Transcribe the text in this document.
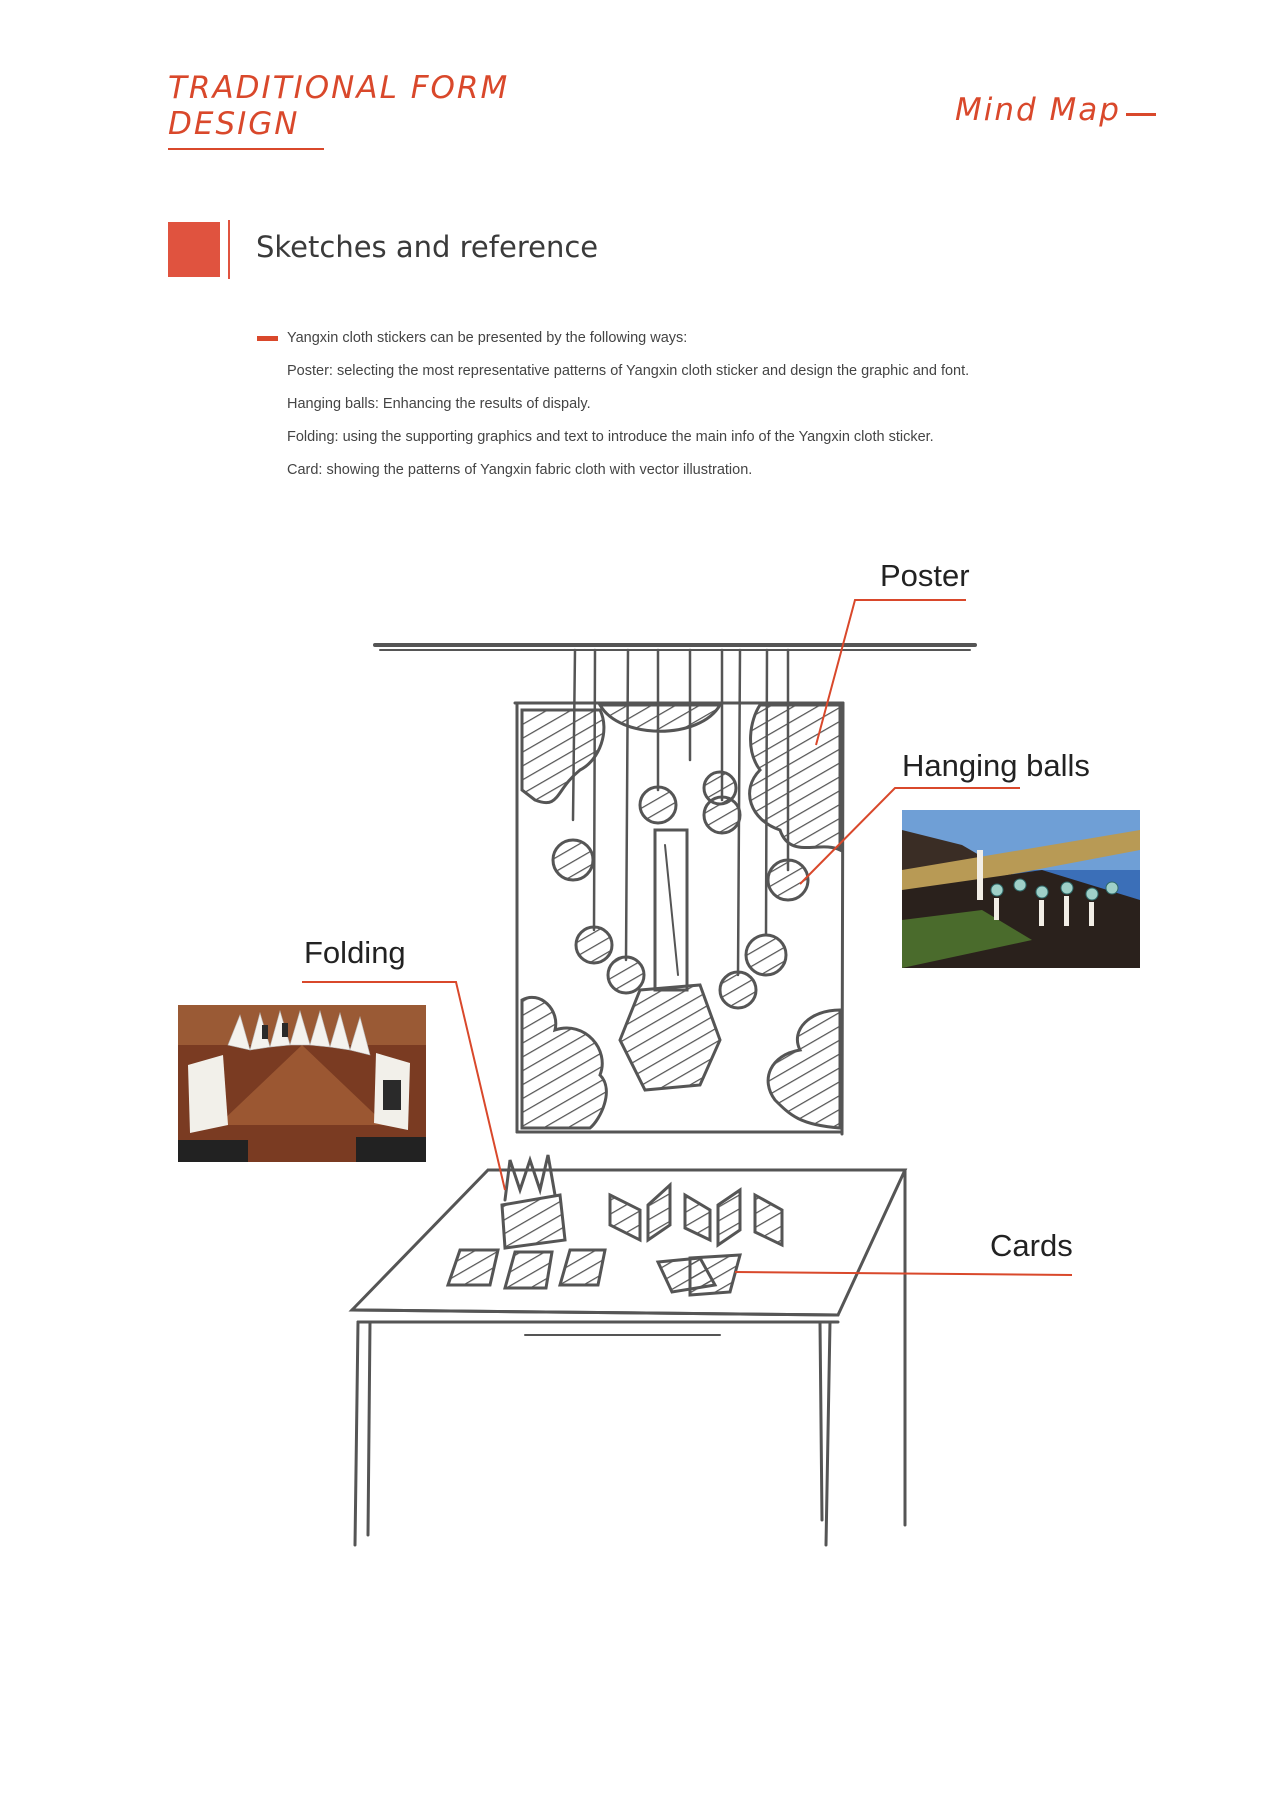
TRADITIONAL FORM
DESIGN	Mind Map
Sketches and reference
Yangxin cloth stickers can be presented by the following ways:
Poster: selecting the most representative patterns of Yangxin cloth sticker and design the graphic and font.
Hanging balls: Enhancing the results of dispaly.
Folding: using the supporting graphics and text to introduce the main info of the Yangxin cloth sticker.
Card: showing the patterns of Yangxin fabric cloth with vector illustration.
Poster
Hanging balls
Folding
Cards
